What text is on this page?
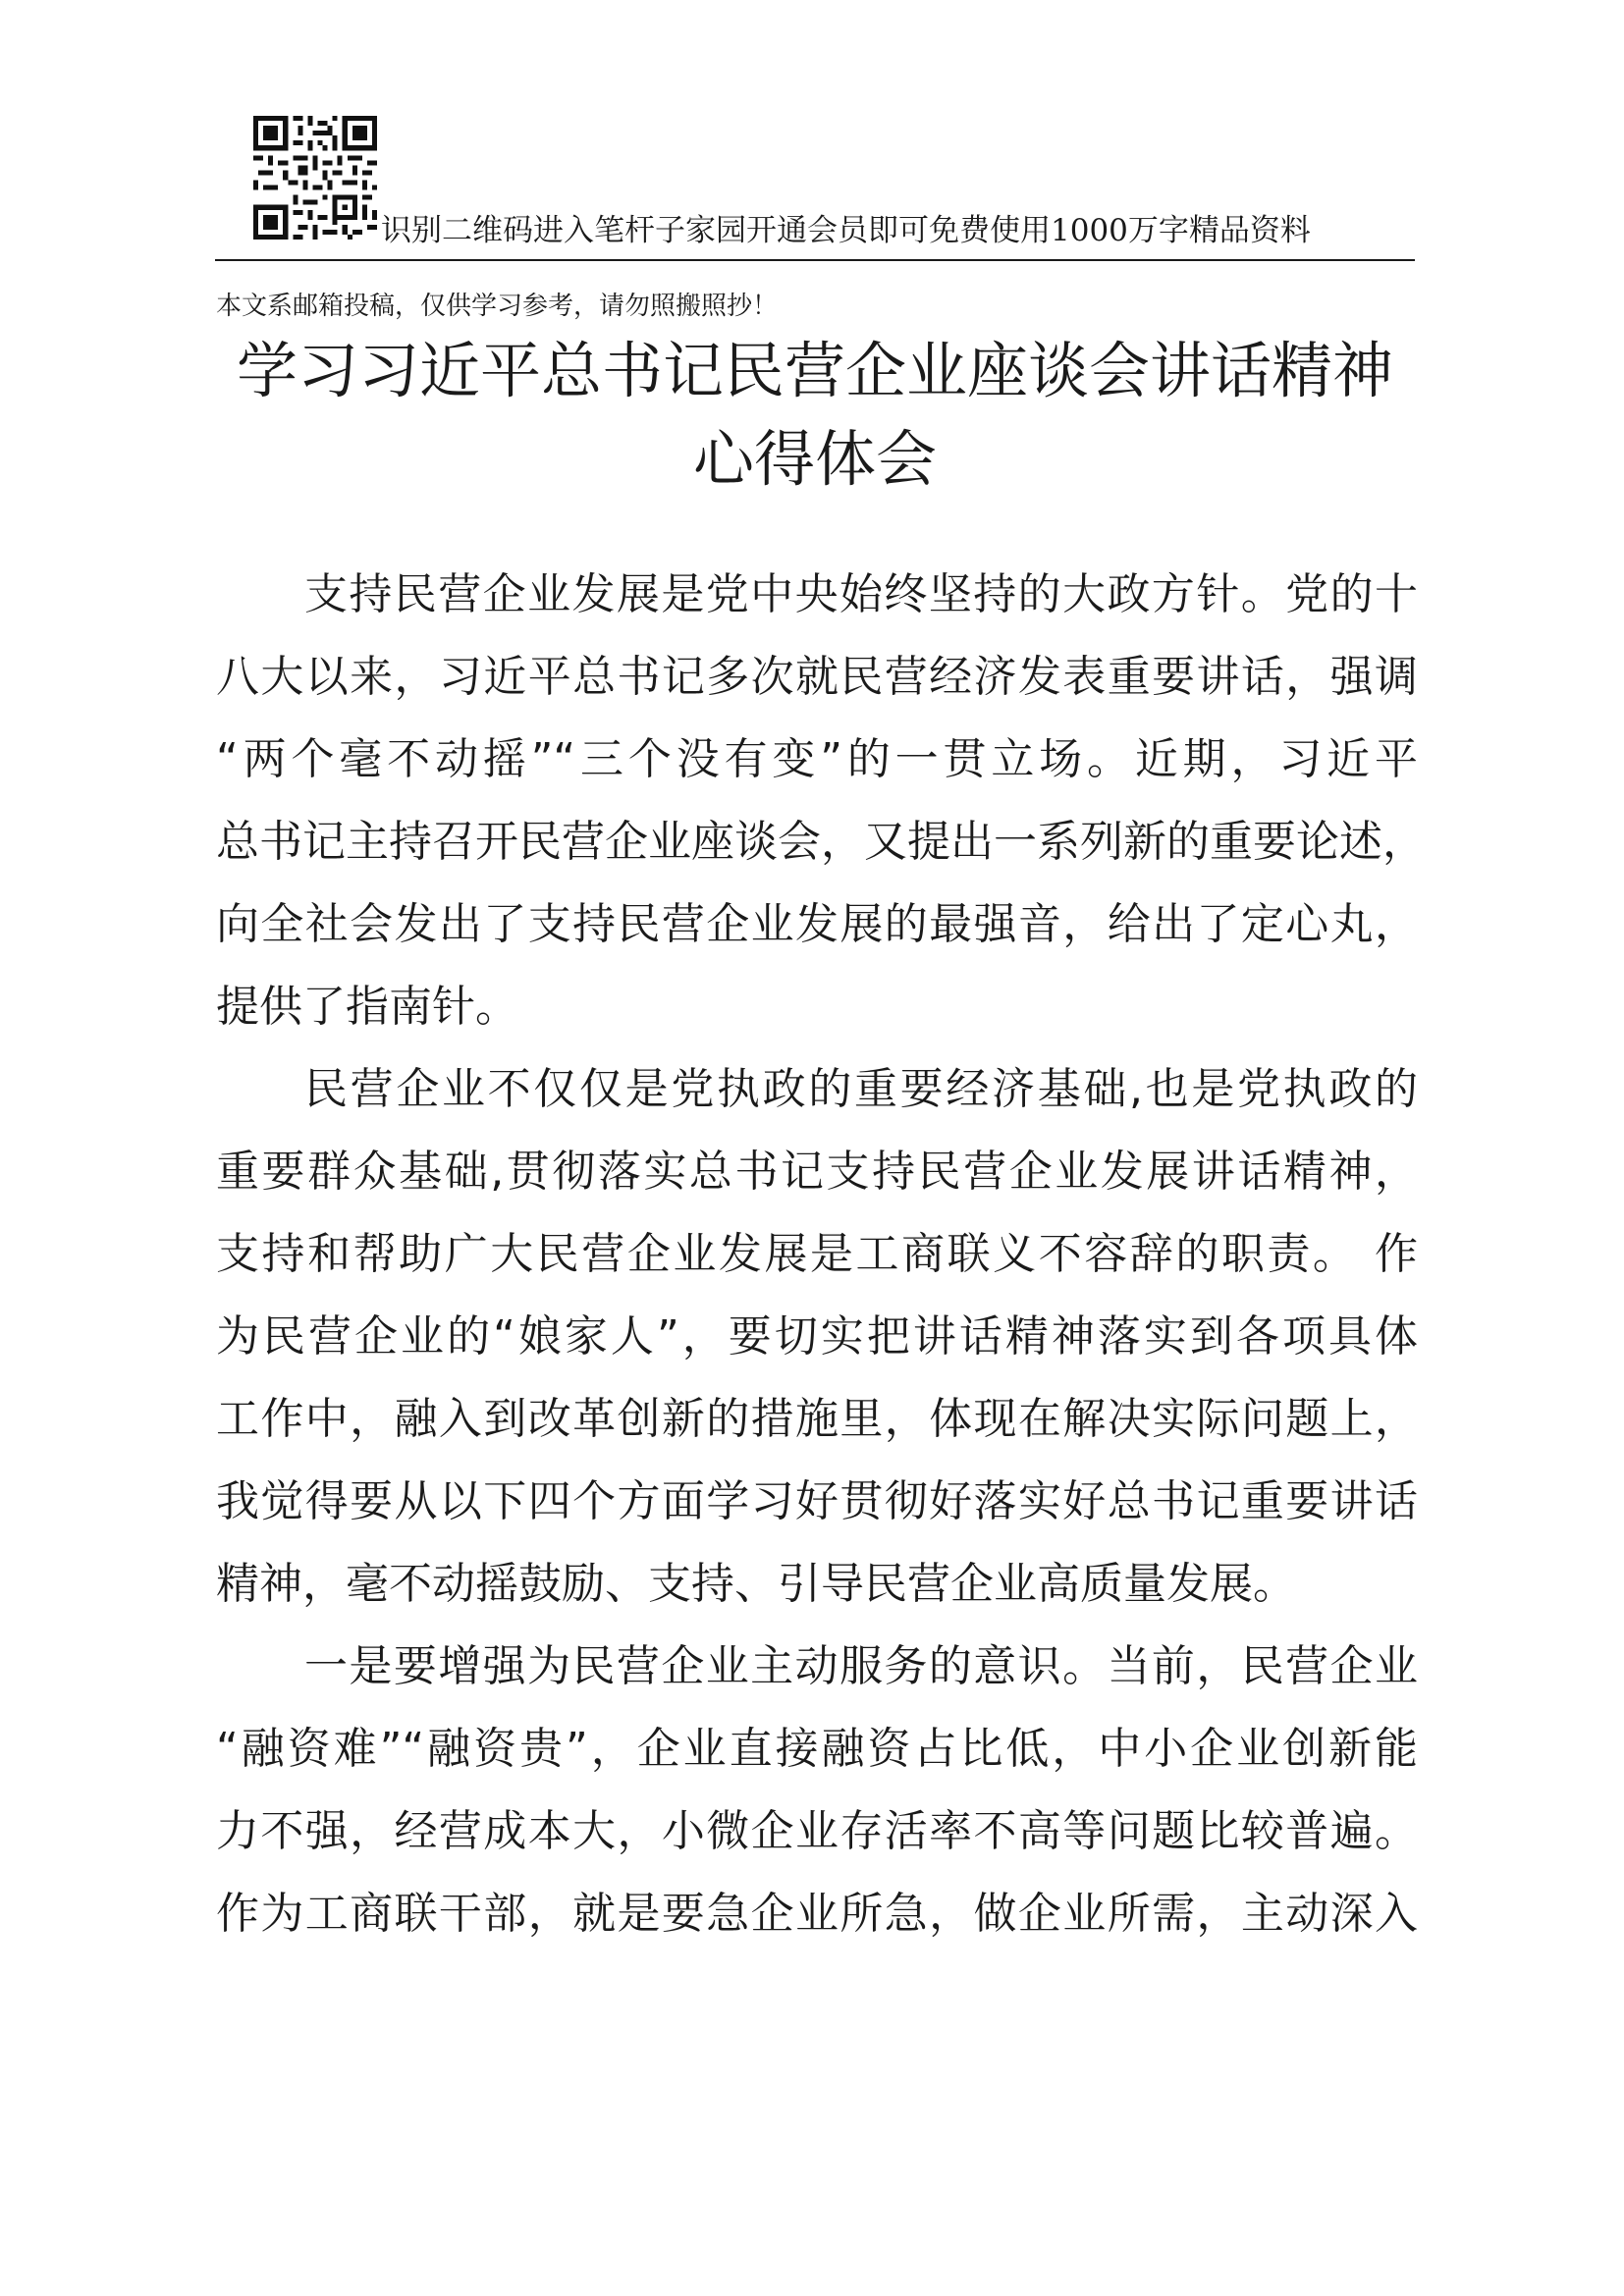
识别二维码进入笔杆子家园开通会员即可免费使用1000万字精品资料
本文系邮箱投稿，仅供学习参考，请勿照搬照抄！
学习习近平总书记民营企业座谈会讲话精神
心得体会
支持民营企业发展是党中央始终坚持的大政方针。党的十
八大以来，习近平总书记多次就民营经济发表重要讲话，强调
“两个毫不动摇”“三个没有变”的一贯立场。近期，习近平
总书记主持召开民营企业座谈会，又提出一系列新的重要论述，
向全社会发出了支持民营企业发展的最强音，给出了定心丸，
提供了指南针。
民营企业不仅仅是党执政的重要经济基础,也是党执政的
重要群众基础,贯彻落实总书记支持民营企业发展讲话精神，
支持和帮助广大民营企业发展是工商联义不容辞的职责。 作
为民营企业的“娘家人”，要切实把讲话精神落实到各项具体
工作中，融入到改革创新的措施里，体现在解决实际问题上，
我觉得要从以下四个方面学习好贯彻好落实好总书记重要讲话
精神，毫不动摇鼓励、支持、引导民营企业高质量发展。
一是要增强为民营企业主动服务的意识。当前，民营企业
“融资难”“融资贵”，企业直接融资占比低，中小企业创新能
力不强，经营成本大，小微企业存活率不高等问题比较普遍。
作为工商联干部，就是要急企业所急，做企业所需，主动深入
